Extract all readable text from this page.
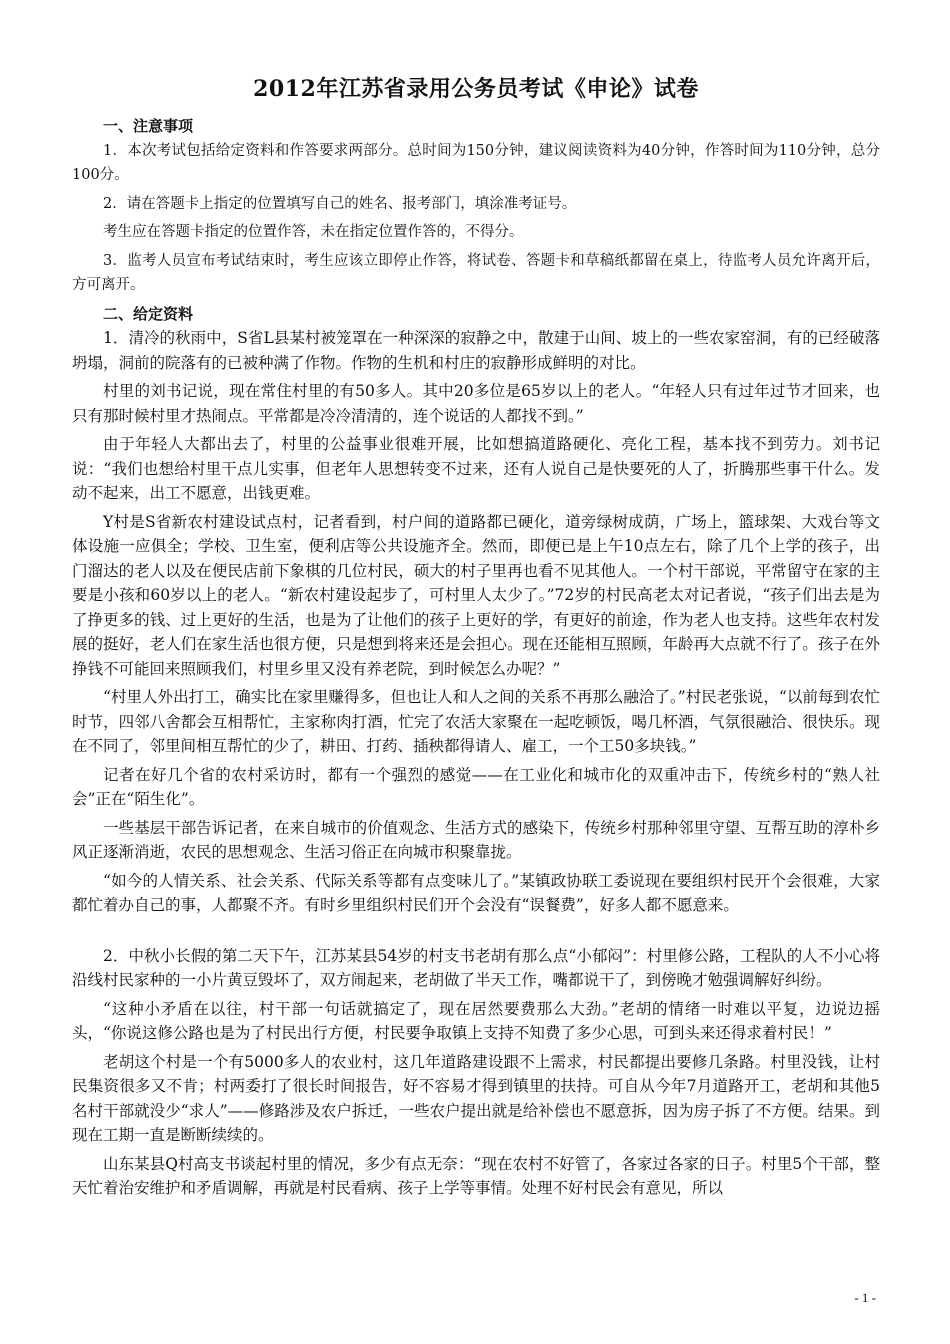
2012年江苏省录用公务员考试《申论》试卷
一、注意事项

1．本次考试包括给定资料和作答要求两部分。总时间为150分钟，建议阅读资料为40分钟，作答时间为110分钟，总分100分。

2．请在答题卡上指定的位置填写自己的姓名、报考部门，填涂准考证号。

考生应在答题卡指定的位置作答，未在指定位置作答的，不得分。

3．监考人员宣布考试结束时，考生应该立即停止作答，将试卷、答题卡和草稿纸都留在桌上，待监考人员允许离开后，方可离开。

二、给定资料

1．清冷的秋雨中，S省L县某村被笼罩在一种深深的寂静之中，散建于山间、坡上的一些农家窑洞，有的已经破落坍塌，洞前的院落有的已被种满了作物。作物的生机和村庄的寂静形成鲜明的对比。

村里的刘书记说，现在常住村里的有50多人。其中20多位是65岁以上的老人。“年轻人只有过年过节才回来，也只有那时候村里才热闹点。平常都是冷冷清清的，连个说话的人都找不到。”

由于年轻人大都出去了，村里的公益事业很难开展，比如想搞道路硬化、亮化工程，基本找不到劳力。刘书记说：“我们也想给村里干点儿实事，但老年人思想转变不过来，还有人说自己是快要死的人了，折腾那些事干什么。发动不起来，出工不愿意，出钱更难。

Y村是S省新农村建设试点村，记者看到，村户间的道路都已硬化，道旁绿树成荫，广场上，篮球架、大戏台等文体设施一应俱全；学校、卫生室，便利店等公共设施齐全。然而，即便已是上午10点左右，除了几个上学的孩子，出门溜达的老人以及在便民店前下象棋的几位村民，硕大的村子里再也看不见其他人。一个村干部说，平常留守在家的主要是小孩和60岁以上的老人。“新农村建设起步了，可村里人太少了。”72岁的村民高老太对记者说，“孩子们出去是为了挣更多的钱、过上更好的生活，也是为了让他们的孩子上更好的学，有更好的前途，作为老人也支持。这些年农村发展的挺好，老人们在家生活也很方便，只是想到将来还是会担心。现在还能相互照顾，年龄再大点就不行了。孩子在外挣钱不可能回来照顾我们，村里乡里又没有养老院，到时候怎么办呢？”

“村里人外出打工，确实比在家里赚得多，但也让人和人之间的关系不再那么融洽了。”村民老张说，“以前每到农忙时节，四邻八舍都会互相帮忙，主家称肉打酒，忙完了农活大家聚在一起吃顿饭，喝几杯酒，气氛很融洽、很快乐。现在不同了，邻里间相互帮忙的少了，耕田、打药、插秧都得请人、雇工，一个工50多块钱。”

记者在好几个省的农村采访时，都有一个强烈的感觉——在工业化和城市化的双重冲击下，传统乡村的“熟人社会”正在“陌生化”。

一些基层干部告诉记者，在来自城市的价值观念、生活方式的感染下，传统乡村那种邻里守望、互帮互助的淳朴乡风正逐渐消逝，农民的思想观念、生活习俗正在向城市积聚靠拢。

“如今的人情关系、社会关系、代际关系等都有点变味儿了。”某镇政协联工委说现在要组织村民开个会很难，大家都忙着办自己的事，人都聚不齐。有时乡里组织村民们开个会没有“误餐费”，好多人都不愿意来。

2．中秋小长假的第二天下午，江苏某县54岁的村支书老胡有那么点“小郁闷”：村里修公路，工程队的人不小心将沿线村民家种的一小片黄豆毁坏了，双方闹起来，老胡做了半天工作，嘴都说干了，到傍晚才勉强调解好纠纷。

“这种小矛盾在以往，村干部一句话就搞定了，现在居然要费那么大劲。”老胡的情绪一时难以平复，边说边摇头，“你说这修公路也是为了村民出行方便，村民要争取镇上支持不知费了多少心思，可到头来还得求着村民！”

老胡这个村是一个有5000多人的农业村，这几年道路建设跟不上需求，村民都提出要修几条路。村里没钱，让村民集资很多又不肯；村两委打了很长时间报告，好不容易才得到镇里的扶持。可自从今年7月道路开工，老胡和其他5名村干部就没少“求人”——修路涉及农户拆迁，一些农户提出就是给补偿也不愿意拆，因为房子拆了不方便。结果。到现在工期一直是断断续续的。

山东某县Q村高支书谈起村里的情况，多少有点无奈：“现在农村不好管了，各家过各家的日子。村里5个干部，整天忙着治安维护和矛盾调解，再就是村民看病、孩子上学等事情。处理不好村民会有意见，所以

- 1 -
